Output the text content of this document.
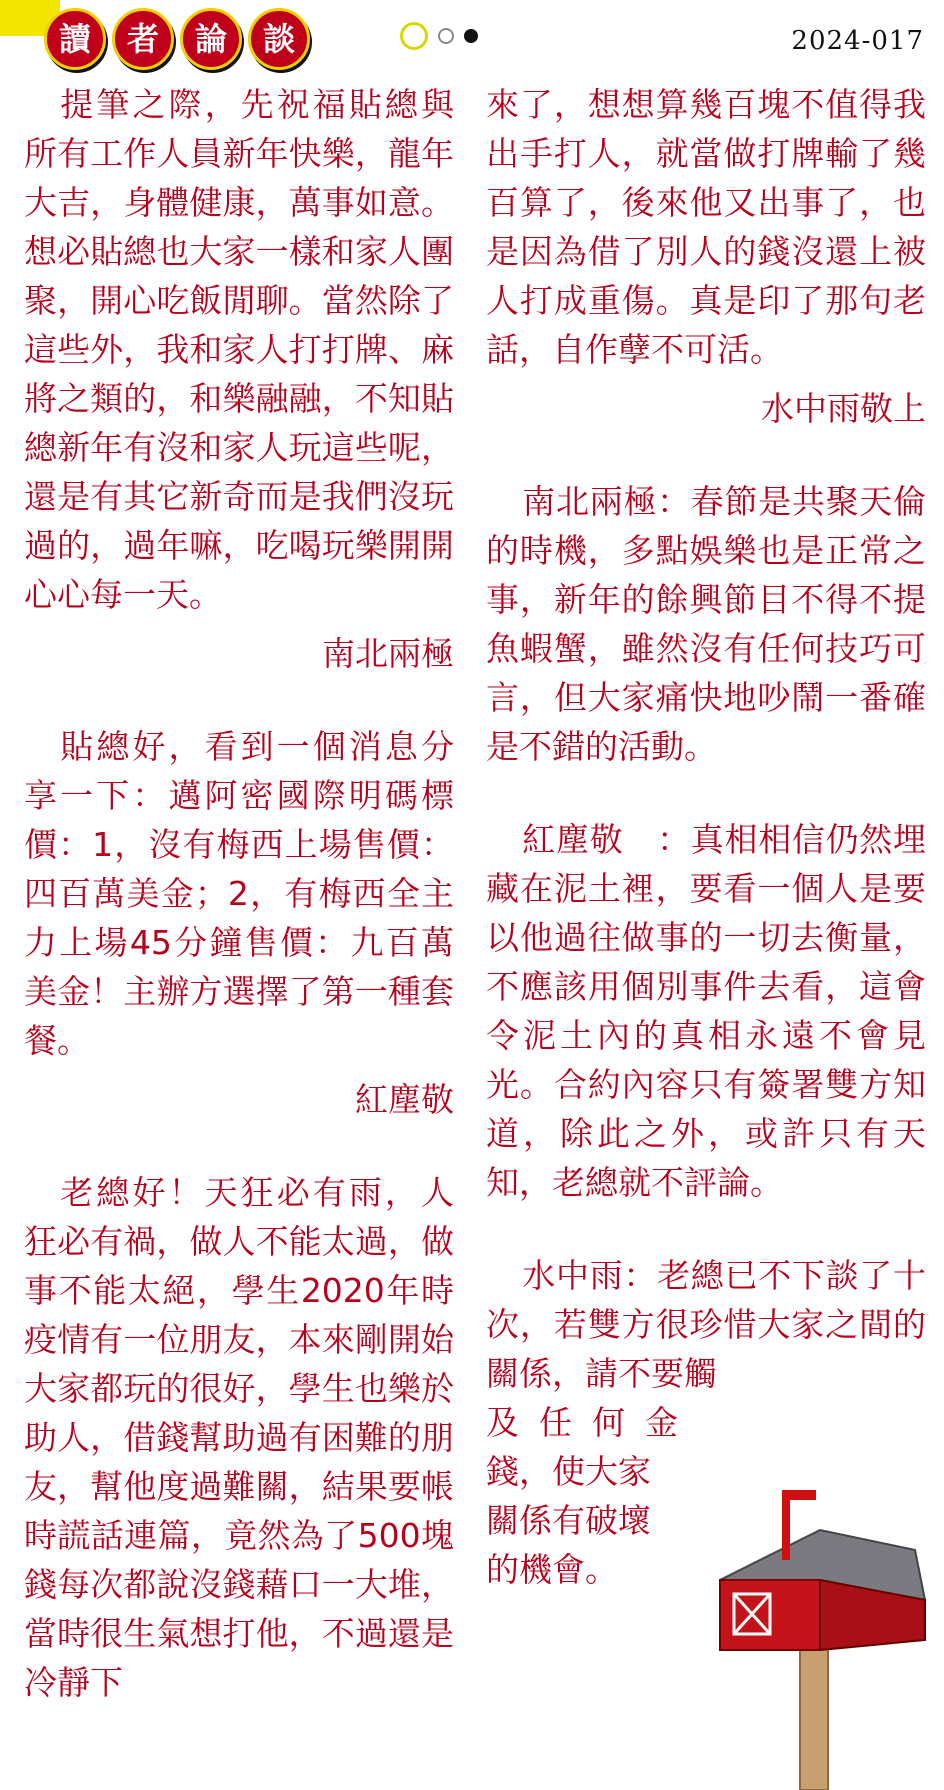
讀	者	論	談	2024-017

提筆之際，先祝福貼總與所有工作人員新年快樂，龍年大吉，身體健康，萬事如意。想必貼總也大家一樣和家人團聚，開心吃飯閒聊。當然除了這些外，我和家人打打牌、麻將之類的，和樂融融，不知貼總新年有沒和家人玩這些呢，還是有其它新奇而是我們沒玩過的，過年嘛，吃喝玩樂開開心心每一天。

南北兩極

貼總好，看到一個消息分享一下：邁阿密國際明碼標價：1，沒有梅西上場售價：四百萬美金；2，有梅西全主力上場45分鐘售價：九百萬美金！主辦方選擇了第一種套餐。

紅塵敬

老總好！天狂必有雨，人狂必有禍，做人不能太過，做事不能太絕，學生2020年時疫情有一位朋友，本來剛開始大家都玩的很好，學生也樂於助人，借錢幫助過有困難的朋友，幫他度過難關，結果要帳時謊話連篇，竟然為了500塊錢每次都說沒錢藉口一大堆，當時很生氣想打他，不過還是冷靜下

來了，想想算幾百塊不值得我出手打人，就當做打牌輸了幾百算了，後來他又出事了，也是因為借了別人的錢沒還上被人打成重傷。真是印了那句老話，自作孽不可活。
水中雨敬上

南北兩極：春節是共聚天倫的時機，多點娛樂也是正常之事，新年的餘興節目不得不提魚蝦蟹，雖然沒有任何技巧可言，但大家痛快地吵鬧一番確是不錯的活動。

紅塵敬　：真相相信仍然埋藏在泥土裡，要看一個人是要以他過往做事的一切去衡量，不應該用個別事件去看，這會令泥土內的真相永遠不會見光。合約內容只有簽署雙方知道，除此之外，或許只有天知，老總就不評論。

水中雨：老總已不下談了十次，若雙方很珍惜大家之間的關係，請不要觸

及任何金
錢，使大家
關係有破壞
的機會。
